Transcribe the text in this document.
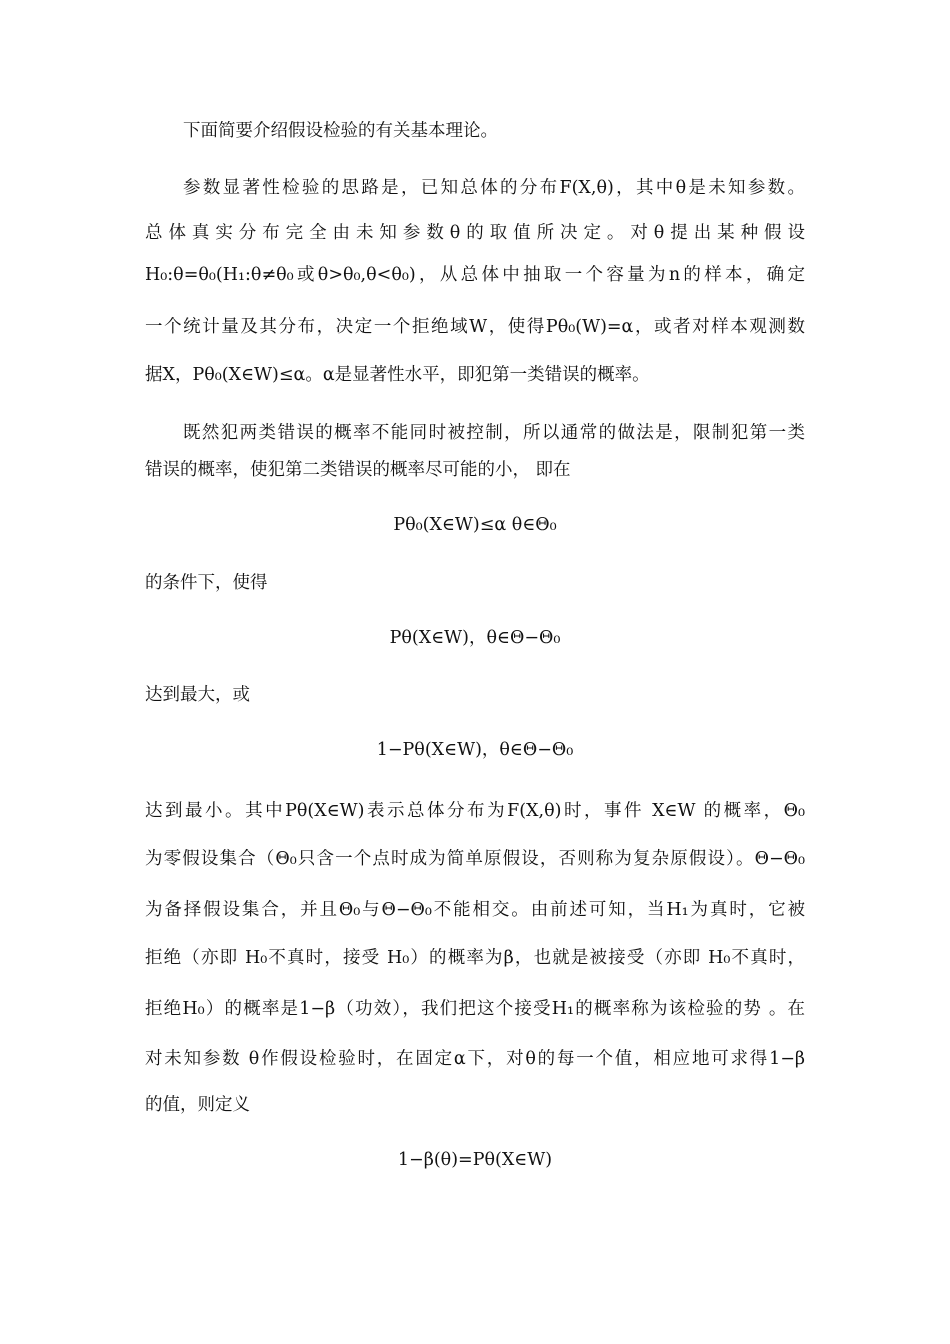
下面简要介绍假设检验的有关基本理论。
参数显著性检验的思路是，已知总体的分布F(X,θ)，其中θ是未知参数。
总体真实分布完全由未知参数θ的取值所决定。对θ提出某种假设
H₀:θ=θ₀(H₁:θ≠θ₀或θ>θ₀,θ<θ₀)，从总体中抽取一个容量为n的样本，确定
一个统计量及其分布，决定一个拒绝域W，使得Pθ₀(W)=α，或者对样本观测数
据X，Pθ₀(X∈W)≤α。α是显著性水平，即犯第一类错误的概率。
既然犯两类错误的概率不能同时被控制，所以通常的做法是，限制犯第一类
错误的概率，使犯第二类错误的概率尽可能的小， 即在
Pθ₀(X∈W)≤α θ∈Θ₀
的条件下，使得
Pθ(X∈W)，θ∈Θ−Θ₀
达到最大，或
1−Pθ(X∈W)，θ∈Θ−Θ₀
达到最小。其中Pθ(X∈W)表示总体分布为F(X,θ)时，事件 X∈W 的概率，Θ₀
为零假设集合（Θ₀只含一个点时成为简单原假设，否则称为复杂原假设）。Θ−Θ₀
为备择假设集合，并且Θ₀与Θ−Θ₀不能相交。由前述可知，当H₁为真时，它被
拒绝（亦即 H₀不真时，接受 H₀）的概率为β，也就是被接受（亦即 H₀不真时，
拒绝H₀）的概率是1−β（功效），我们把这个接受H₁的概率称为该检验的势 。在
对未知参数 θ作假设检验时，在固定α下，对θ的每一个值，相应地可求得1−β
的值，则定义
1−β(θ)=Pθ(X∈W)
